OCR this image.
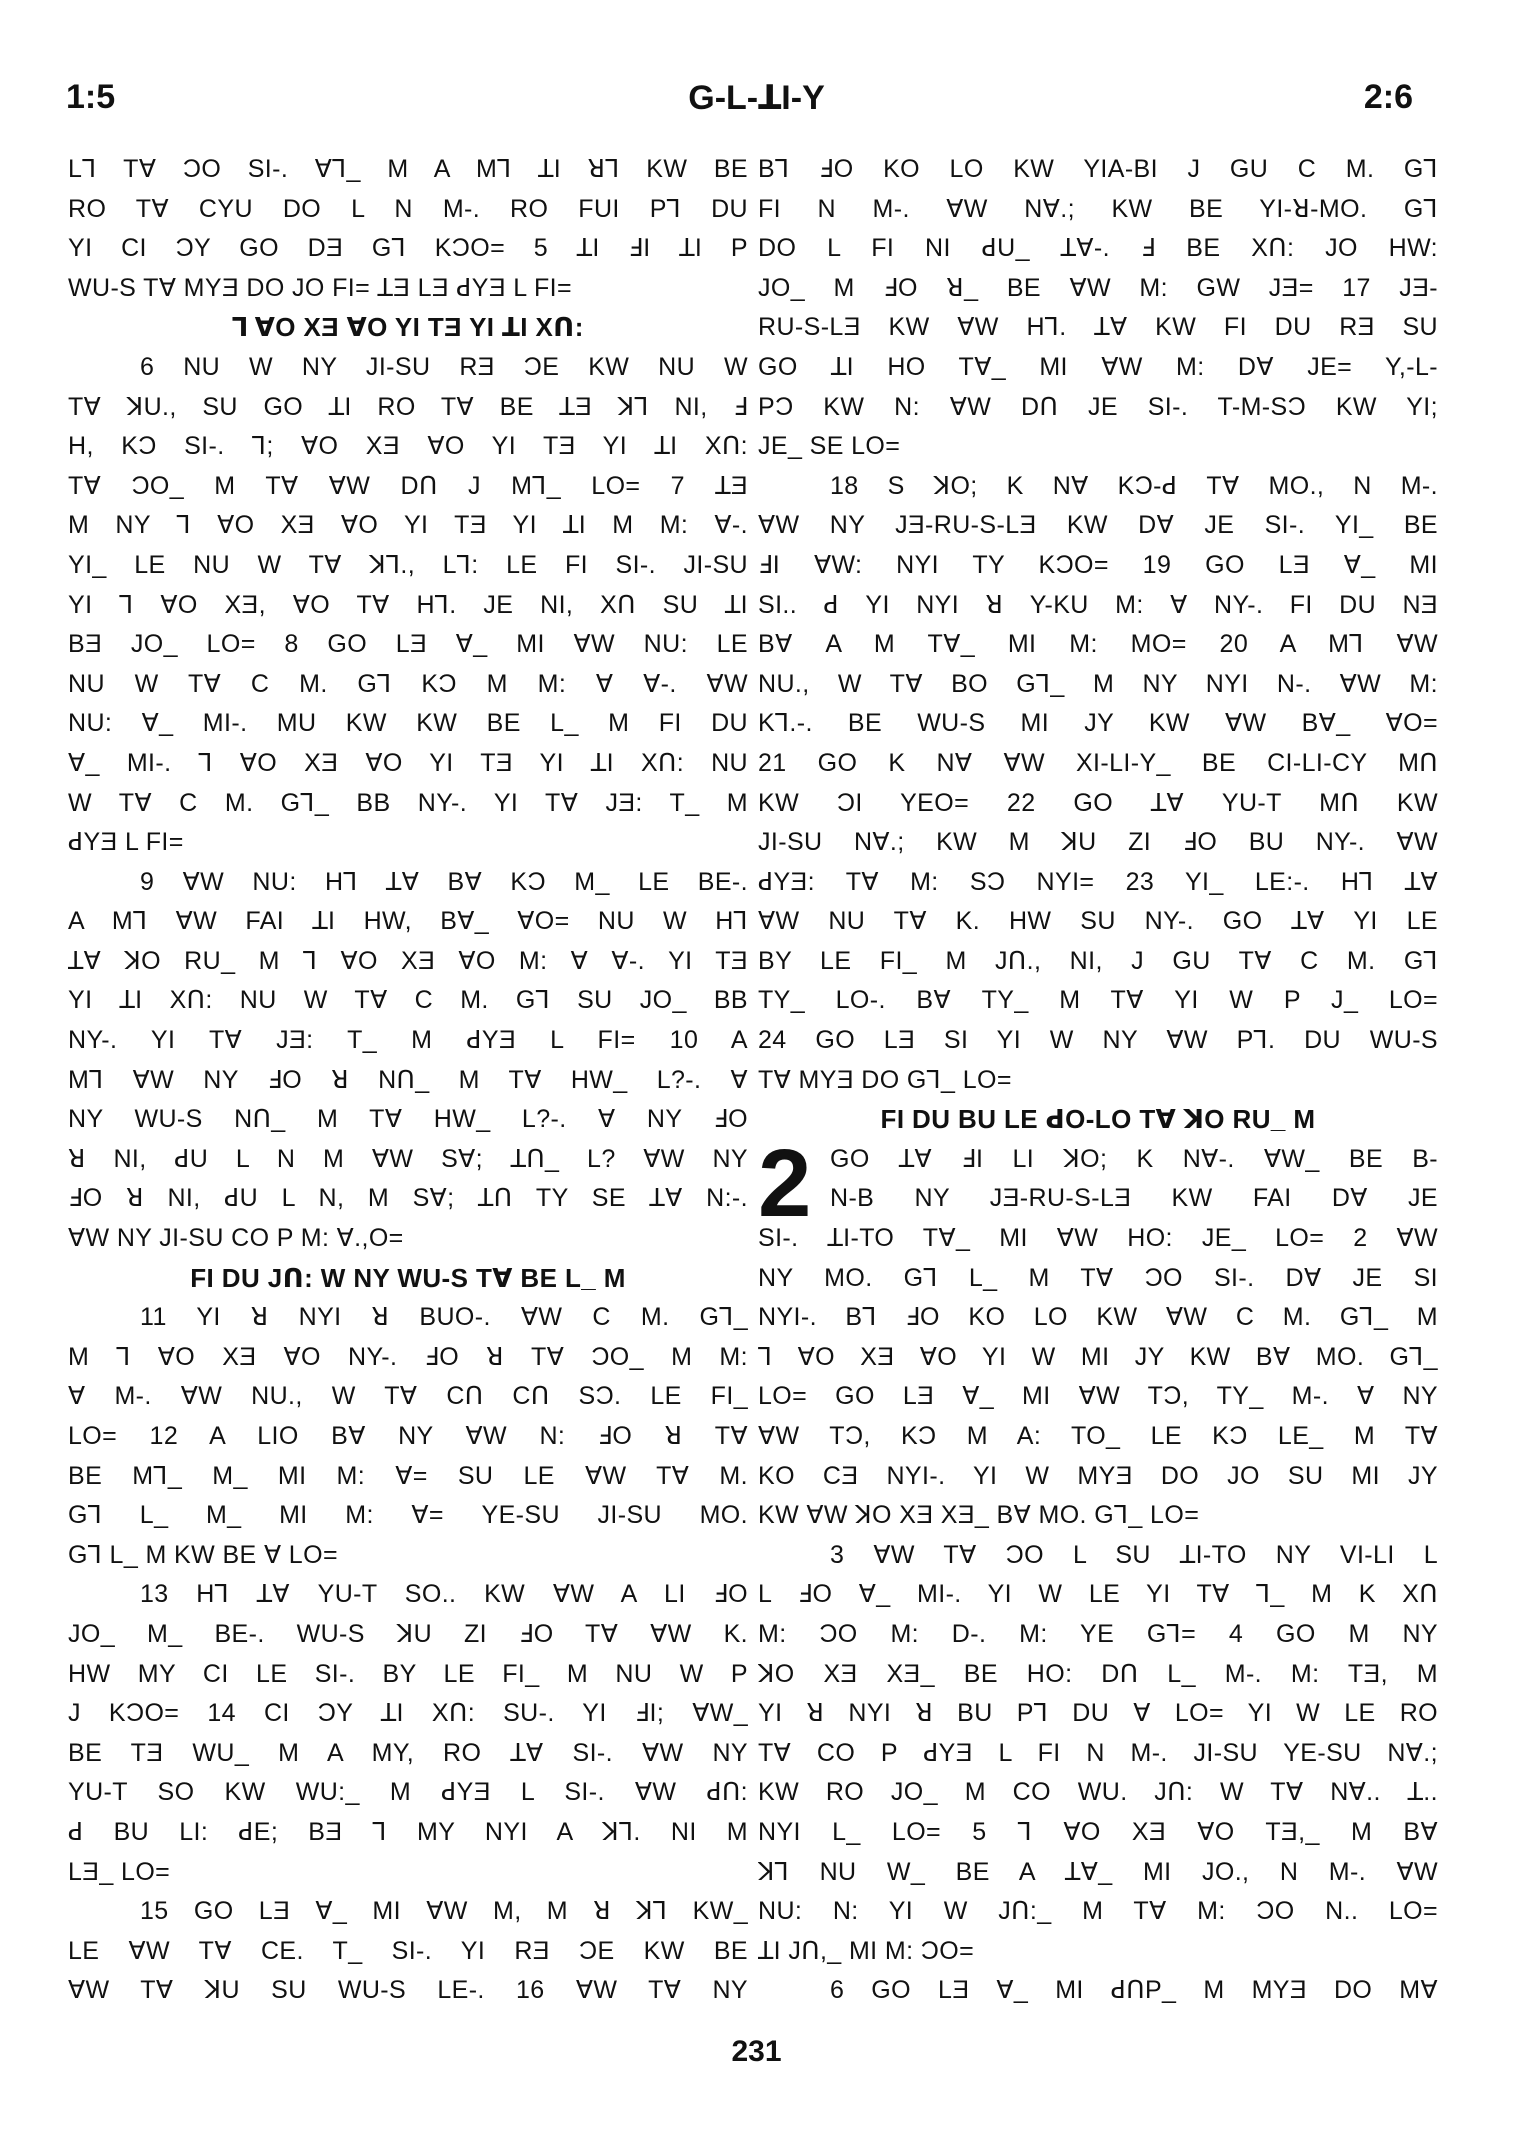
1:5	G-L-ꓕI-Y	2:6
Lꓶ Tꓯ ƆO SI-. ꓯꓶ_ M A Mꓶ ꓕI ꓤꓶ KW BE
RO Tꓯ CYU DO L N M-. RO FUI Pꓶ DU
YI CI ƆY GO DƎ Gꓶ KƆO= 5 ꓕI ꓞI ꓕI P
WU-S Tꓯ MYƎ DO JO FI= ꓕƎ LƎ ꓒYƎ L FI=
ꓶ ꓯO XƎ ꓯO YI TƎ YI ꓕI Xꓵ:
6 NU W NY JI-SU RƎ ƆE KW NU W
Tꓯ ꓘU., SU GO ꓕI RO Tꓯ BE ꓕƎ ꓘꓶ NI, ꓞ
H, KƆ SI-. ꓶ; ꓯO XƎ ꓯO YI TƎ YI ꓕI Xꓵ:
Tꓯ ƆO_ M Tꓯ ꓯW Dꓵ J Mꓶ_ LO= 7 ꓕƎ
M NY ꓶ ꓯO XƎ ꓯO YI TƎ YI ꓕI M M: ꓯ-.
YI_ LE NU W Tꓯ ꓘꓶ., Lꓶ: LE FI SI-. JI-SU
YI ꓶ ꓯO XƎ, ꓯO Tꓯ Hꓶ. JE NI, Xꓵ SU ꓕI
BƎ JO_ LO= 8 GO LƎ ꓯ_ MI ꓯW NU: LE
NU W Tꓯ C M. Gꓶ KƆ M M: ꓯ ꓯ-. ꓯW
NU: ꓯ_ MI-. MU KW KW BE L_ M FI DU
ꓯ_ MI-. ꓶ ꓯO XƎ ꓯO YI TƎ YI ꓕI Xꓵ: NU
W Tꓯ C M. Gꓶ_ BB NY-. YI Tꓯ JƎ: T_ M
ꓒYƎ L FI=
9 ꓯW NU: Hꓶ ꓕꓯ Bꓯ KƆ M_ LE BE-.
A Mꓶ ꓯW FAI ꓕI HW, Bꓯ_ ꓯO= NU W Hꓶ
ꓕꓯ ꓘO RU_ M ꓶ ꓯO XƎ ꓯO M: ꓯ ꓯ-. YI TƎ
YI ꓕI Xꓵ: NU W Tꓯ C M. Gꓶ SU JO_ BB
NY-. YI Tꓯ JƎ: T_ M ꓒYƎ L FI= 10 A
Mꓶ ꓯW NY ꓞO ꓤ Nꓵ_ M Tꓯ HW_ L?-. ꓯ
NY WU-S Nꓵ_ M Tꓯ HW_ L?-. ꓯ NY ꓞO
ꓤ NI, ꓒU L N M ꓯW Sꓯ; ꓕꓵ_ L? ꓯW NY
ꓞO ꓤ NI, ꓒU L N, M Sꓯ; ꓕꓵ TY SE ꓕꓯ N:-.
ꓯW NY JI-SU CO P M: ꓯ.,O=
FI DU Jꓵ: W NY WU-S Tꓯ BE L_ M
11 YI ꓤ NYI ꓤ BUO-. ꓯW C M. Gꓶ_
M ꓶ ꓯO XƎ ꓯO NY-. ꓞO ꓤ Tꓯ ƆO_ M M:
ꓯ M-. ꓯW NU., W Tꓯ Cꓵ Cꓵ SƆ. LE FI_
LO= 12 A LIO Bꓯ NY ꓯW N: ꓞO ꓤ Tꓯ
BE Mꓶ_ M_ MI M: ꓯ= SU LE ꓯW Tꓯ M.
Gꓶ L_ M_ MI M: ꓯ= YE-SU JI-SU MO.
Gꓶ L_ M KW BE ꓯ LO=
13 Hꓶ ꓕꓯ YU-T SO.. KW ꓯW A LI ꓞO
JO_ M_ BE-. WU-S ꓘU ZI ꓞO Tꓯ ꓯW K.
HW MY CI LE SI-. BY LE FI_ M NU W P
J KƆO= 14 CI ƆY ꓕI Xꓵ: SU-. YI ꓞI; ꓯW_
BE TƎ WU_ M A MY, RO ꓕꓯ SI-. ꓯW NY
YU-T SO KW WU:_ M ꓒYƎ L SI-. ꓯW ꓒꓵ:
ꓒ BU LI: ꓒE; BƎ ꓶ MY NYI A ꓘꓶ. NI M
LƎ_ LO=
15 GO LƎ ꓯ_ MI ꓯW M, M ꓤ ꓘꓶ KW_
LE ꓯW Tꓯ CE. T_ SI-. YI RƎ ƆE KW BE
ꓯW Tꓯ ꓘU SU WU-S LE-. 16 ꓯW Tꓯ NY
Bꓶ ꓞO KO LO KW YIA-BI J GU C M. Gꓶ
FI N M-. ꓯW Nꓯ.; KW BE YI-ꓤ-MO. Gꓶ
DO L FI NI ꓒU_ ꓕꓯ-. ꓞ BE Xꓵ: JO HW:
JO_ M ꓞO ꓤ_ BE ꓯW M: GW JƎ= 17 JƎ-
RU-S-LƎ KW ꓯW Hꓶ. ꓕꓯ KW FI DU RƎ SU
GO ꓕI HO Tꓯ_ MI ꓯW M: Dꓯ JE= Y,-L-
PƆ KW N: ꓯW Dꓵ JE SI-. T-M-SƆ KW YI;
JE_ SE LO=
18 S ꓘO; K Nꓯ KƆ-ꓒ Tꓯ MO., N M-.
ꓯW NY JƎ-RU-S-LƎ KW Dꓯ JE SI-. YI_ BE
ꓞI ꓯW: NYI TY KƆO= 19 GO LƎ ꓯ_ MI
SI.. ꓒ YI NYI ꓤ Y-KU M: ꓯ NY-. FI DU NƎ
Bꓯ A M Tꓯ_ MI M: MO= 20 A Mꓶ ꓯW
NU., W Tꓯ BO Gꓶ_ M NY NYI N-. ꓯW M:
Kꓶ.-. BE WU-S MI JY KW ꓯW Bꓯ_ ꓯO=
21 GO K Nꓯ ꓯW XI-LI-Y_ BE CI-LI-CY Mꓵ
KW ƆI YEO= 22 GO ꓕꓯ YU-T Mꓵ KW
JI-SU Nꓯ.; KW M ꓘU ZI ꓞO BU NY-. ꓯW
ꓒYƎ: Tꓯ M: SƆ NYI= 23 YI_ LE:-. Hꓶ ꓕꓯ
ꓯW NU Tꓯ K. HW SU NY-. GO ꓕꓯ YI LE
BY LE FI_ M Jꓵ., NI, J GU Tꓯ C M. Gꓶ
TY_ LO-. Bꓯ TY_ M Tꓯ YI W P J_ LO=
24 GO LƎ SI YI W NY ꓯW Pꓶ. DU WU-S
Tꓯ MYƎ DO Gꓶ_ LO=
FI DU BU LE ꓒO-LO Tꓯ ꓘO RU_ M
2 GO ꓕꓯ ꓞI LI ꓘO; K Nꓯ-. ꓯW_ BE B-
N-B NY JƎ-RU-S-LƎ KW FAI Dꓯ JE
SI-. ꓕI-TO Tꓯ_ MI ꓯW HO: JE_ LO= 2 ꓯW
NY MO. Gꓶ L_ M Tꓯ ƆO SI-. Dꓯ JE SI
NYI-. Bꓶ ꓞO KO LO KW ꓯW C M. Gꓶ_ M
ꓶ ꓯO XƎ ꓯO YI W MI JY KW Bꓯ MO. Gꓶ_
LO= GO LƎ ꓯ_ MI ꓯW TƆ, TY_ M-. ꓯ NY
ꓯW TƆ, KƆ M A: TO_ LE KƆ LE_ M Tꓯ
KO CƎ NYI-. YI W MYƎ DO JO SU MI JY
KW ꓯW ꓘO XƎ XƎ_ Bꓯ MO. Gꓶ_ LO=
3 ꓯW Tꓯ ƆO L SU ꓕI-TO NY VI-LI L
L ꓞO ꓯ_ MI-. YI W LE YI Tꓯ ꓶ_ M K Xꓵ
M: ƆO M: D-. M: YE Gꓶ= 4 GO M NY
ꓘO XƎ XƎ_ BE HO: Dꓵ L_ M-. M: TƎ, M
YI ꓤ NYI ꓤ BU Pꓶ DU ꓯ LO= YI W LE RO
Tꓯ CO P ꓒYƎ L FI N M-. JI-SU YE-SU Nꓯ.;
KW RO JO_ M CO WU. Jꓵ: W Tꓯ Nꓯ.. ꓕ..
NYI L_ LO= 5 ꓶ ꓯO XƎ ꓯO TƎ,_ M Bꓯ
ꓘꓶ NU W_ BE A ꓕꓯ_ MI JO., N M-. ꓯW
NU: N: YI W Jꓵ:_ M Tꓯ M: ƆO N.. LO=
ꓕI Jꓵ,_ MI M: ƆO=
6 GO LƎ ꓯ_ MI ꓒꓵP_ M MYƎ DO Mꓯ
231
